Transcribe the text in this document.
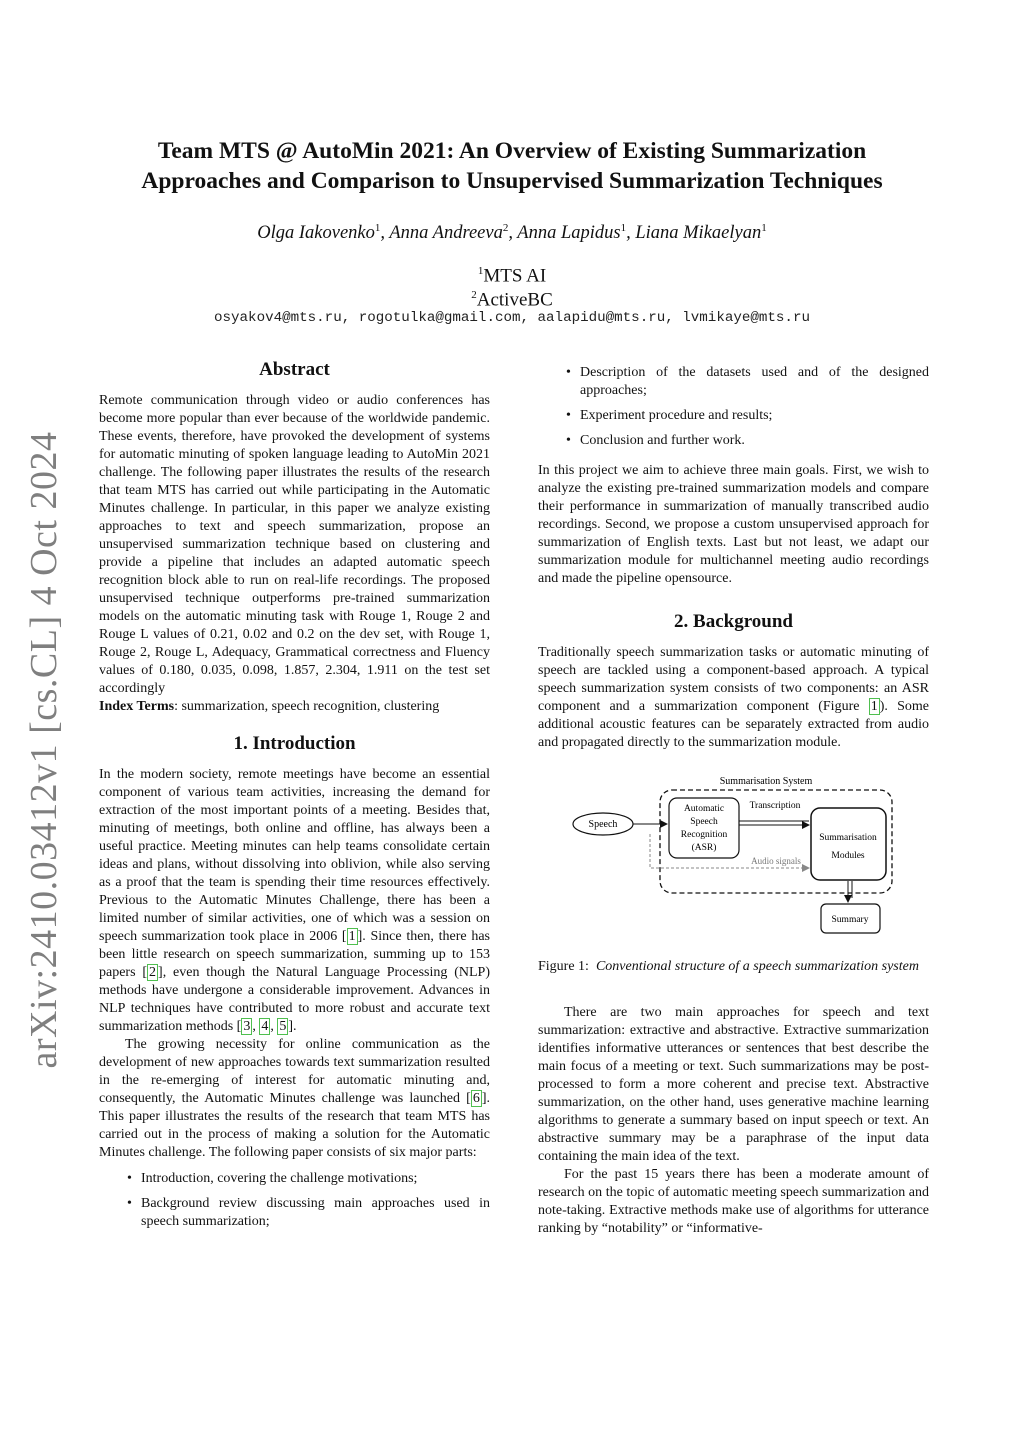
arXiv:2410.03412v1 [cs.CL] 4 Oct 2024
Team MTS @ AutoMin 2021: An Overview of Existing Summarization
Approaches and Comparison to Unsupervised Summarization Techniques
Olga Iakovenko$^1$, Anna Andreeva$^2$, Anna Lapidus$^1$, Liana Mikaelyan$^1$
$^1$MTS AI
$^2$ActiveBC
osyakov4@mts.ru, rogotulka@gmail.com, aalapidu@mts.ru, lvmikaye@mts.ru
Abstract

Remote communication through video or audio conferences has become more popular than ever because of the worldwide pandemic. These events, therefore, have provoked the development of systems for automatic minuting of spoken language leading to AutoMin 2021 challenge. The following paper illustrates the results of the research that team MTS has carried out while participating in the Automatic Minutes challenge. In particular, in this paper we analyze existing approaches to text and speech summarization, propose an unsupervised summarization technique based on clustering and provide a pipeline that includes an adapted automatic speech recognition block able to run on real-life recordings. The proposed unsupervised technique outperforms pre-trained summarization models on the automatic minuting task with Rouge 1, Rouge 2 and Rouge L values of 0.21, 0.02 and 0.2 on the dev set, with Rouge 1, Rouge 2, Rouge L, Adequacy, Grammatical correctness and Fluency values of 0.180, 0.035, 0.098, 1.857, 2.304, 1.911 on the test set accordingly

Index Terms: summarization, speech recognition, clustering

1. Introduction

In the modern society, remote meetings have become an essential component of various team activities, increasing the demand for extraction of the most important points of a meeting. Besides that, minuting of meetings, both online and offline, has always been a useful practice. Meeting minutes can help teams consolidate certain ideas and plans, without dissolving into oblivion, while also serving as a proof that the team is spending their time resources effectively. Previous to the Automatic Minutes Challenge, there has been a limited number of similar activities, one of which was a session on speech summarization took place in 2006 [ 1 ]. Since then, there has been little research on speech summarization, summing up to 153 papers [ 2 ], even though the Natural Language Processing (NLP) methods have undergone a considerable improvement. Advances in NLP techniques have contributed to more robust and accurate text summarization methods [ 3 , 4 , 5 ].

The growing necessity for online communication as the development of new approaches towards text summarization resulted in the re-emerging of interest for automatic minuting and, consequently, the Automatic Minutes challenge was launched [ 6 ]. This paper illustrates the results of the research that team MTS has carried out in the process of making a solution for the Automatic Minutes challenge. The following paper consists of six major parts:

• Introduction, covering the challenge motivations;
• Background review discussing main approaches used in speech summarization;
• Description of the datasets used and of the designed approaches;
• Experiment procedure and results;
• Conclusion and further work.

In this project we aim to achieve three main goals. First, we wish to analyze the existing pre-trained summarization models and compare their performance in summarization of manually transcribed audio recordings. Second, we propose a custom unsupervised approach for summarization of English texts. Last but not least, we adapt our summarization module for multichannel meeting audio recordings and made the pipeline opensource.

2. Background

Traditionally speech summarization tasks or automatic minuting of speech are tackled using a component-based approach. A typical speech summarization system consists of two components: an ASR component and a summarization component (Figure 1 ). Some additional acoustic features can be separately extracted from audio and propagated directly to the summarization module.

Summarisation System
Speech
Automatic
Speech
Recognition
(ASR)
Summarisation
Modules
Summary
Transcription
Audio signals

Figure 1: Conventional structure of a speech summarization system

There are two main approaches for speech and text summarization: extractive and abstractive. Extractive summarization identifies informative utterances or sentences that best describe the main focus of a meeting or text. Such summarizations may be post-processed to form a more coherent and precise text. Abstractive summarization, on the other hand, uses generative machine learning algorithms to generate a summary based on input speech or text. An abstractive summary may be a paraphrase of the input data containing the main idea of the text.

For the past 15 years there has been a moderate amount of research on the topic of automatic meeting speech summarization and note-taking. Extractive methods make use of algorithms for utterance ranking by “notability” or “informative-
